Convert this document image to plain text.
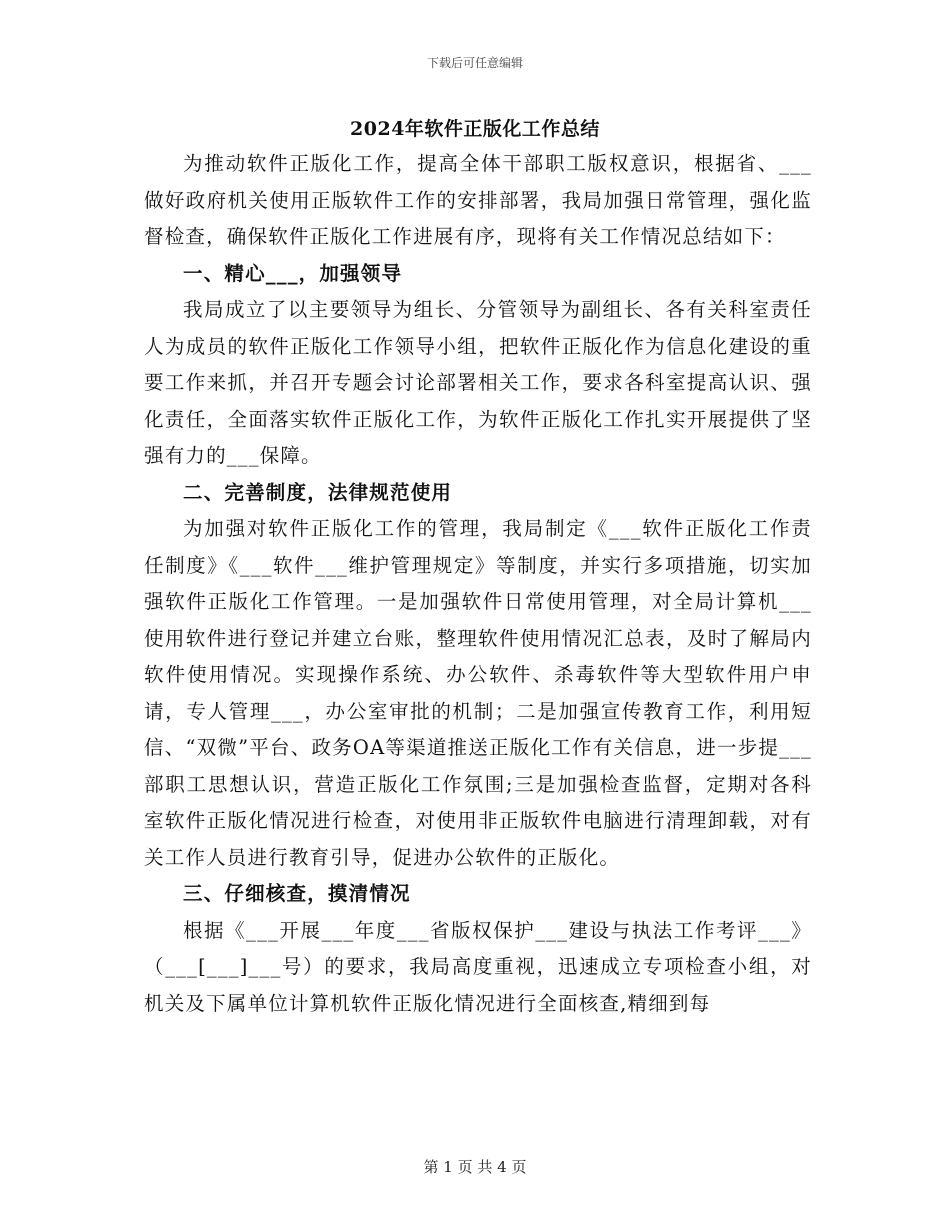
下载后可任意编辑
2024年软件正版化工作总结

为推动软件正版化工作，提高全体干部职工版权意识，根据省、___做好政府机关使用正版软件工作的安排部署，我局加强日常管理，强化监督检查，确保软件正版化工作进展有序，现将有关工作情况总结如下：

一、精心___，加强领导

我局成立了以主要领导为组长、分管领导为副组长、各有关科室责任人为成员的软件正版化工作领导小组，把软件正版化作为信息化建设的重要工作来抓，并召开专题会讨论部署相关工作，要求各科室提高认识、强化责任，全面落实软件正版化工作，为软件正版化工作扎实开展提供了坚强有力的___保障。

二、完善制度，法律规范使用

为加强对软件正版化工作的管理，我局制定《___软件正版化工作责任制度》《___软件___维护管理规定》等制度，并实行多项措施，切实加强软件正版化工作管理。一是加强软件日常使用管理，对全局计算机___使用软件进行登记并建立台账，整理软件使用情况汇总表，及时了解局内软件使用情况。实现操作系统、办公软件、杀毒软件等大型软件用户申请，专人管理___，办公室审批的机制；二是加强宣传教育工作，利用短信、“双微”平台、政务OA等渠道推送正版化工作有关信息，进一步提___部职工思想认识，营造正版化工作氛围;三是加强检查监督，定期对各科室软件正版化情况进行检查，对使用非正版软件电脑进行清理卸载，对有关工作人员进行教育引导，促进办公软件的正版化。

三、仔细核查，摸清情况

根据《___开展___年度___省版权保护___建设与执法工作考评___》（___[___]___号）的要求，我局高度重视，迅速成立专项检查小组，对机关及下属单位计算机软件正版化情况进行全面核查,精细到每

第 1 页 共 4 页
